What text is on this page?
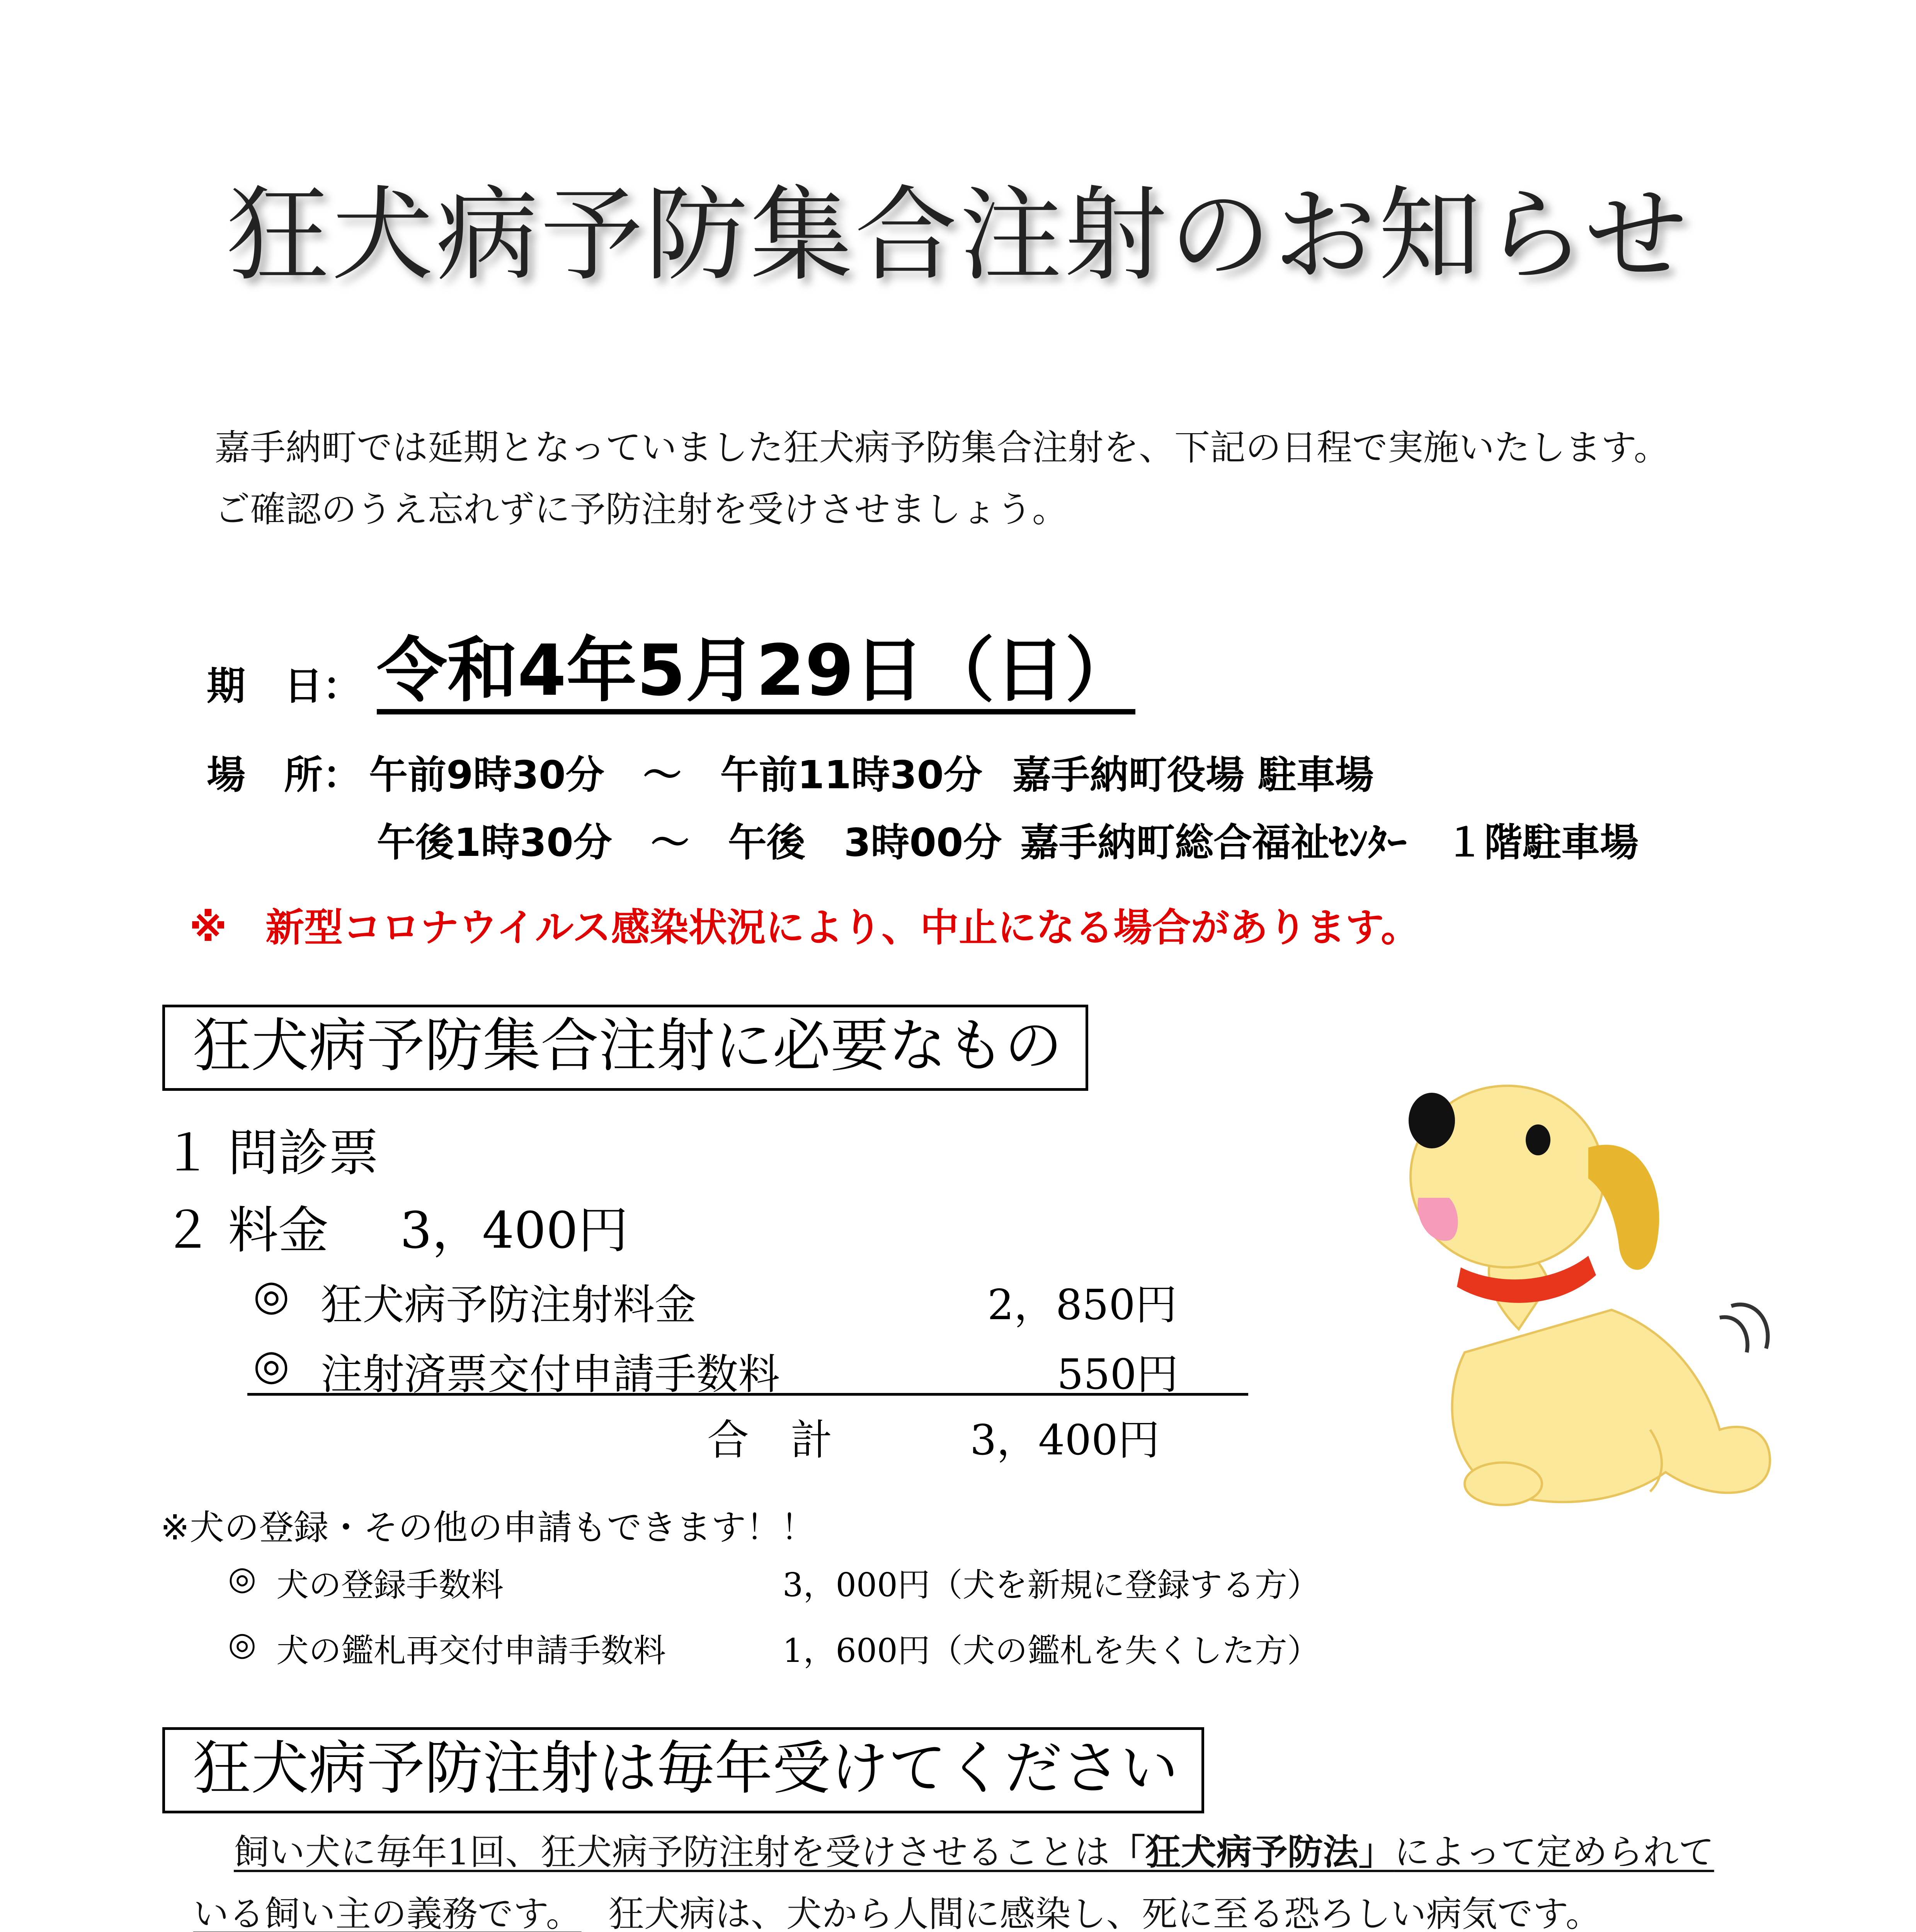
狂犬病予防集合注射のお知らせ
嘉手納町では延期となっていました狂犬病予防集合注射を、下記の日程で実施いたします。
ご確認のうえ忘れずに予防注射を受けさせましょう。
期　日： 令和4年5月29日（日）
場　所： 午前9時30分　～　午前11時30分 嘉手納町役場 駐車場
午後1時30分　～　午後　3時00分 嘉手納町総合福祉ｾﾝﾀｰ　１階駐車場
※　新型コロナウイルス感染状況により、中止になる場合があります。
狂犬病予防集合注射に必要なもの
１ 問診票
２ 料金 3，400円
◎ 狂犬病予防注射料金	2，850円
◎ 注射済票交付申請手数料	550円
合　計	3，400円
※犬の登録・その他の申請もできます！！
◎ 犬の登録手数料	3，000円（犬を新規に登録する方）
◎ 犬の鑑札再交付申請手数料	1，600円（犬の鑑札を失くした方）
狂犬病予防注射は毎年受けてください
飼い犬に毎年1回、狂犬病予防注射を受けさせることは「狂犬病予防法」によって定められて
いる飼い主の義務です。 狂犬病は、犬から人間に感染し、死に至る恐ろしい病気です。
